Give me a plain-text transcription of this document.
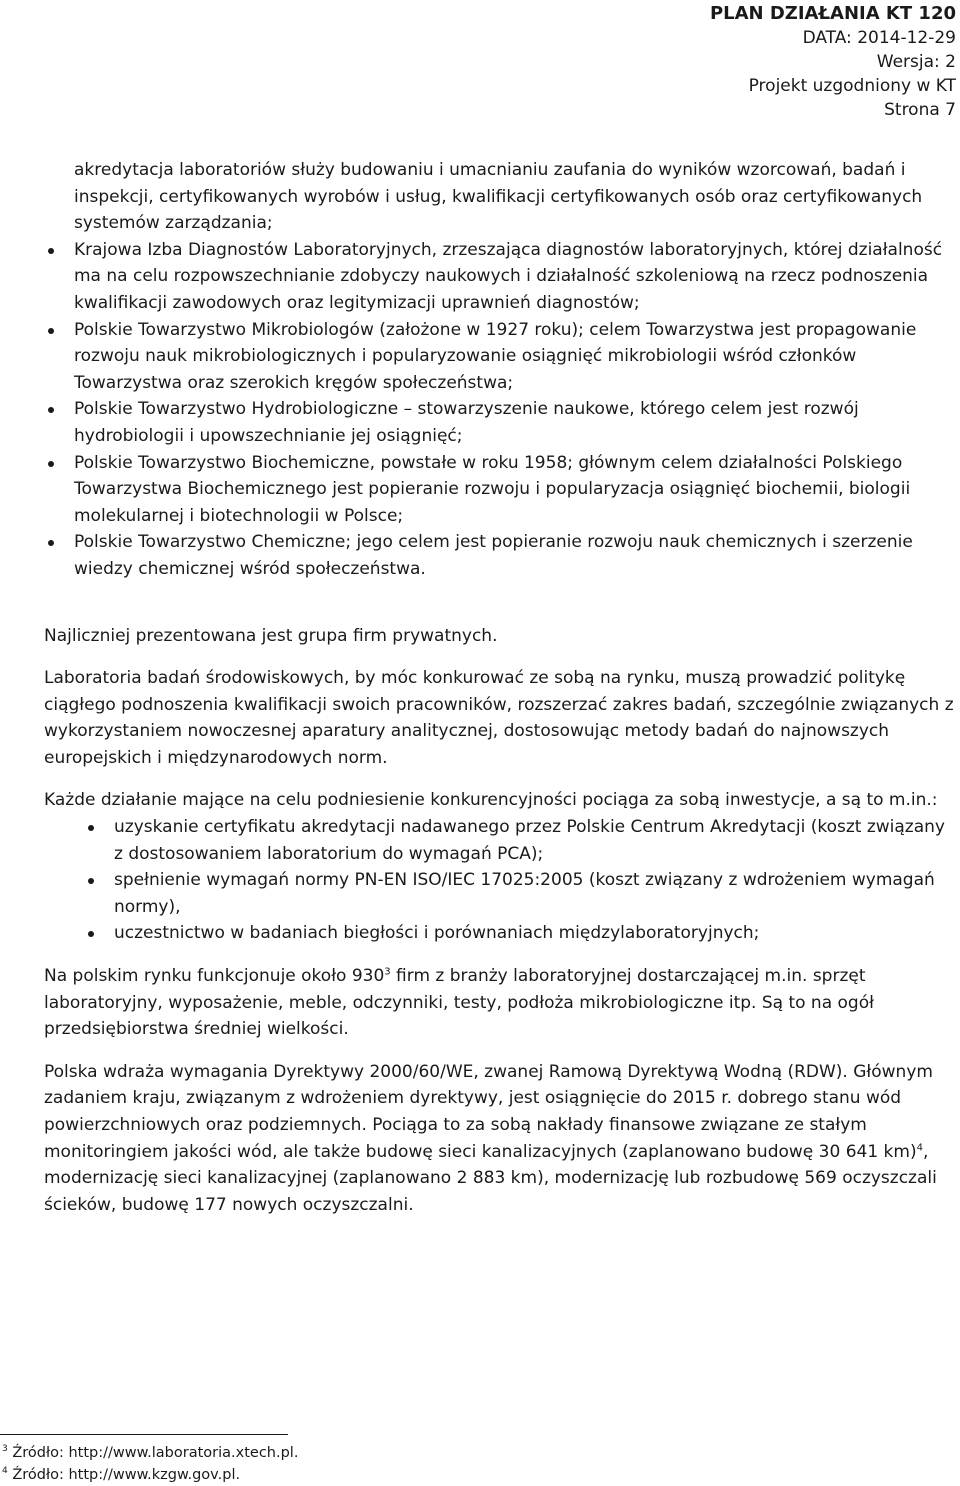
PLAN DZIAŁANIA KT 120
DATA: 2014-12-29
Wersja: 2
Projekt uzgodniony w KT
Strona 7
akredytacja laboratoriów służy budowaniu i umacnianiu zaufania do wyników wzorcowań, badań i inspekcji, certyfikowanych wyrobów i usług, kwalifikacji certyfikowanych osób oraz certyfikowanych systemów zarządzania;
Krajowa Izba Diagnostów Laboratoryjnych, zrzeszająca diagnostów laboratoryjnych, której działalność ma na celu rozpowszechnianie zdobyczy naukowych i działalność szkoleniową na rzecz podnoszenia kwalifikacji zawodowych oraz legitymizacji uprawnień diagnostów;
Polskie Towarzystwo Mikrobiologów (założone w 1927 roku); celem Towarzystwa jest propagowanie rozwoju nauk mikrobiologicznych i popularyzowanie osiągnięć mikrobiologii wśród członków Towarzystwa oraz szerokich kręgów społeczeństwa;
Polskie Towarzystwo Hydrobiologiczne – stowarzyszenie naukowe, którego celem jest rozwój hydrobiologii i upowszechnianie jej osiągnięć;
Polskie Towarzystwo Biochemiczne, powstałe w roku 1958; głównym celem działalności Polskiego Towarzystwa Biochemicznego jest popieranie rozwoju i popularyzacja osiągnięć biochemii, biologii molekularnej i biotechnologii w Polsce;
Polskie Towarzystwo Chemiczne; jego celem jest popieranie rozwoju nauk chemicznych i szerzenie wiedzy chemicznej wśród społeczeństwa.

Najliczniej prezentowana jest grupa firm prywatnych.

Laboratoria badań środowiskowych, by móc konkurować ze sobą na rynku, muszą prowadzić politykę ciągłego podnoszenia kwalifikacji swoich pracowników, rozszerzać zakres badań, szczególnie związanych z wykorzystaniem nowoczesnej aparatury analitycznej, dostosowując metody badań do najnowszych europejskich i międzynarodowych norm.

Każde działanie mające na celu podniesienie konkurencyjności pociąga za sobą inwestycje, a są to m.in.:

uzyskanie certyfikatu akredytacji nadawanego przez Polskie Centrum Akredytacji (koszt związany z dostosowaniem laboratorium do wymagań PCA);
spełnienie wymagań normy PN-EN ISO/IEC 17025:2005 (koszt związany z wdrożeniem wymagań normy),
uczestnictwo w badaniach biegłości i porównaniach międzylaboratoryjnych;

Na polskim rynku funkcjonuje około $930^3$ firm z branży laboratoryjnej dostarczającej m.in. sprzęt laboratoryjny, wyposażenie, meble, odczynniki, testy, podłoża mikrobiologiczne itp. Są to na ogół przedsiębiorstwa średniej wielkości.

Polska wdraża wymagania Dyrektywy 2000/60/WE, zwanej Ramową Dyrektywą Wodną (RDW). Głównym zadaniem kraju, związanym z wdrożeniem dyrektywy, jest osiągnięcie do 2015 r. dobrego stanu wód powierzchniowych oraz podziemnych. Pociąga to za sobą nakłady finansowe związane ze stałym monitoringiem jakości wód, ale także budowę sieci kanalizacyjnych (zaplanowano budowę 30 641 km)$^4$, modernizację sieci kanalizacyjnej (zaplanowano 2 883 km), modernizację lub rozbudowę 569 oczyszczali ścieków, budowę 177 nowych oczyszczalni.

$^3$ Źródło: http://www.laboratoria.xtech.pl.
$^4$ Źródło: http://www.kzgw.gov.pl.
